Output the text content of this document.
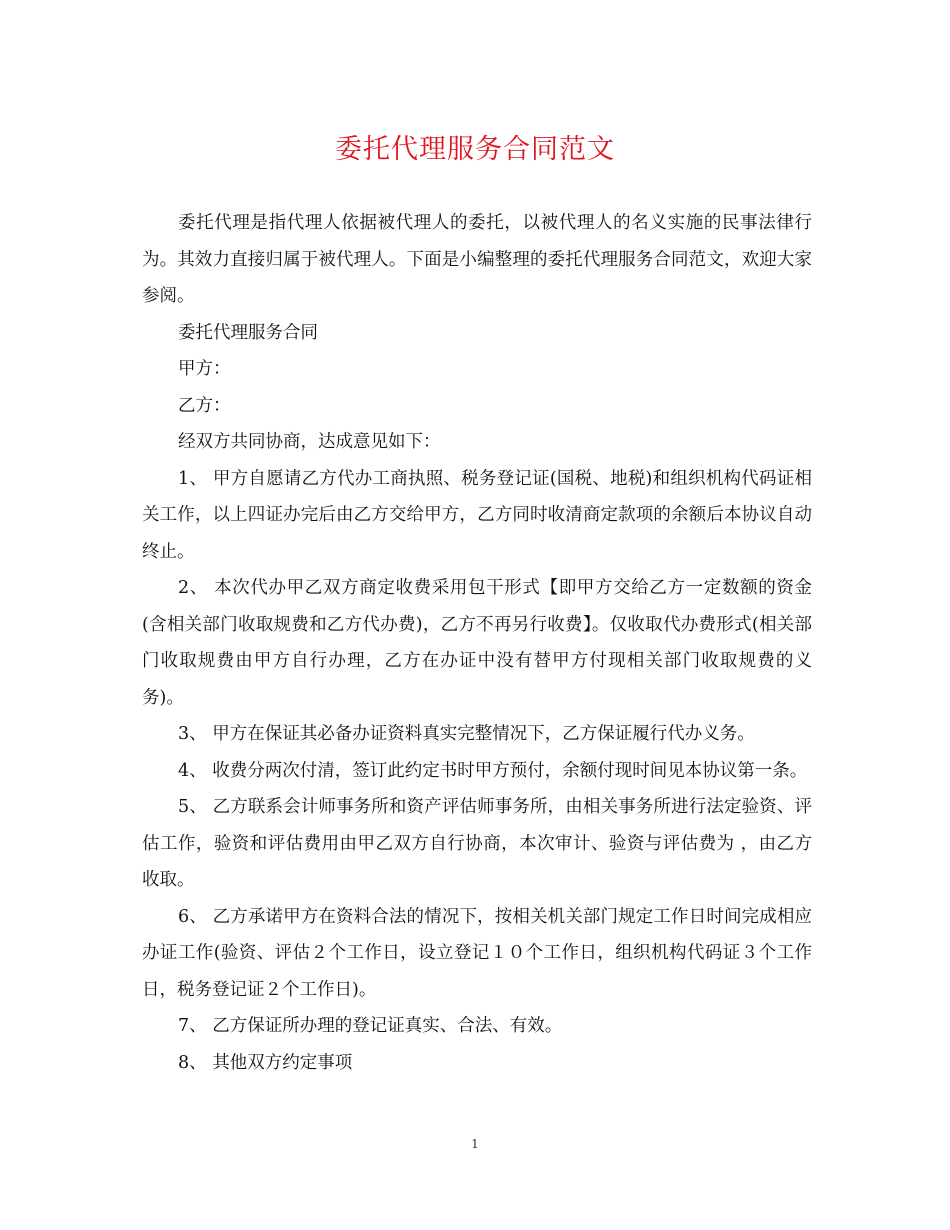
委托代理服务合同范文

委托代理是指代理人依据被代理人的委托，以被代理人的名义实施的民事法律行为。其效力直接归属于被代理人。下面是小编整理的委托代理服务合同范文，欢迎大家参阅。

委托代理服务合同

甲方：

乙方：

经双方共同协商，达成意见如下：

1、 甲方自愿请乙方代办工商执照、税务登记证(国税、地税)和组织机构代码证相关工作，以上四证办完后由乙方交给甲方，乙方同时收清商定款项的余额后本协议自动终止。

2、 本次代办甲乙双方商定收费采用包干形式【即甲方交给乙方一定数额的资金(含相关部门收取规费和乙方代办费)，乙方不再另行收费】。仅收取代办费形式(相关部门收取规费由甲方自行办理，乙方在办证中没有替甲方付现相关部门收取规费的义务)。

3、 甲方在保证其必备办证资料真实完整情况下，乙方保证履行代办义务。

4、 收费分两次付清，签订此约定书时甲方预付，余额付现时间见本协议第一条。

5、 乙方联系会计师事务所和资产评估师事务所，由相关事务所进行法定验资、评估工作，验资和评估费用由甲乙双方自行协商，本次审计、验资与评估费为 ，由乙方收取。

6、 乙方承诺甲方在资料合法的情况下，按相关机关部门规定工作日时间完成相应办证工作(验资、评估２个工作日，设立登记１０个工作日，组织机构代码证３个工作日，税务登记证２个工作日)。

7、 乙方保证所办理的登记证真实、合法、有效。

8、 其他双方约定事项

1
